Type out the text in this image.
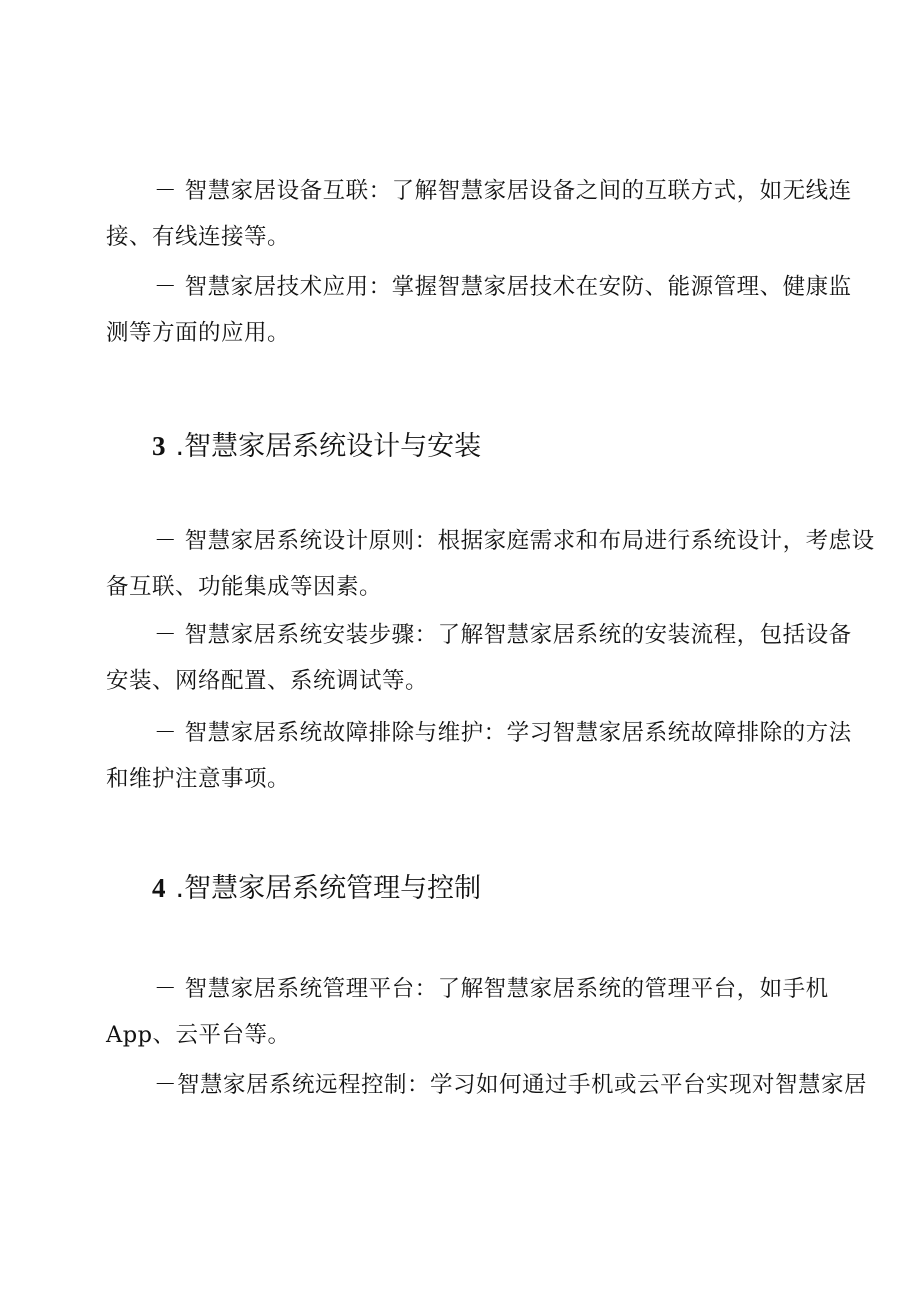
－ 智慧家居设备互联：了解智慧家居设备之间的互联方式，如无线连
接、有线连接等。

－ 智慧家居技术应用：掌握智慧家居技术在安防、能源管理、健康监
测等方面的应用。

3 .智慧家居系统设计与安装

－ 智慧家居系统设计原则：根据家庭需求和布局进行系统设计，考虑设
备互联、功能集成等因素。

－ 智慧家居系统安装步骤：了解智慧家居系统的安装流程，包括设备
安装、网络配置、系统调试等。

－ 智慧家居系统故障排除与维护：学习智慧家居系统故障排除的方法
和维护注意事项。

4 .智慧家居系统管理与控制

－ 智慧家居系统管理平台：了解智慧家居系统的管理平台，如手机
App、云平台等。

－智慧家居系统远程控制：学习如何通过手机或云平台实现对智慧家居
